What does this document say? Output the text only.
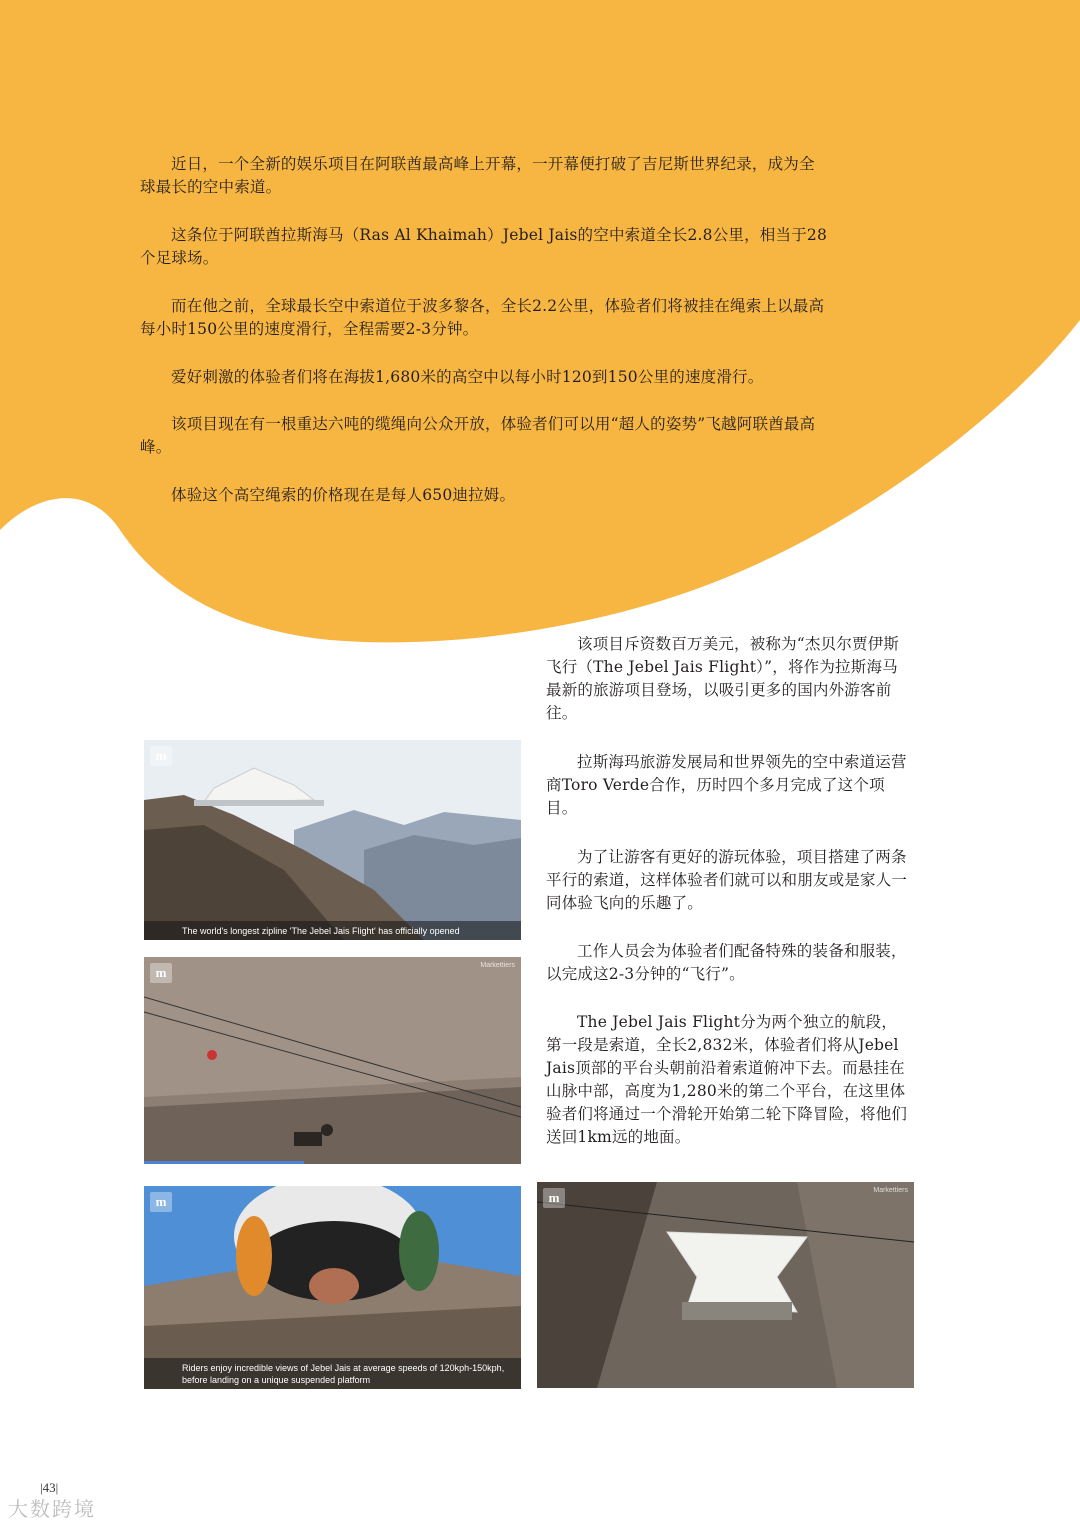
近日，一个全新的娱乐项目在阿联酋最高峰上开幕，一开幕便打破了吉尼斯世界纪录，成为全球最长的空中索道。

这条位于阿联酋拉斯海马（Ras Al Khaimah）Jebel Jais的空中索道全长2.8公里，相当于28个足球场。

而在他之前，全球最长空中索道位于波多黎各，全长2.2公里，体验者们将被挂在绳索上以最高每小时150公里的速度滑行，全程需要2-3分钟。

爱好刺激的体验者们将在海拔1,680米的高空中以每小时120到150公里的速度滑行。

该项目现在有一根重达六吨的缆绳向公众开放，体验者们可以用“超人的姿势”飞越阿联酋最高峰。

体验这个高空绳索的价格现在是每人650迪拉姆。

该项目斥资数百万美元，被称为“杰贝尔贾伊斯飞行（The Jebel Jais Flight）”，将作为拉斯海马最新的旅游项目登场，以吸引更多的国内外游客前往。

拉斯海玛旅游发展局和世界领先的空中索道运营商Toro Verde合作，历时四个多月完成了这个项目。

为了让游客有更好的游玩体验，项目搭建了两条平行的索道，这样体验者们就可以和朋友或是家人一同体验飞向的乐趣了。

工作人员会为体验者们配备特殊的装备和服装，以完成这2-3分钟的“飞行”。

The Jebel Jais Flight分为两个独立的航段，第一段是索道，全长2,832米，体验者们将从Jebel Jais顶部的平台头朝前沿着索道俯冲下去。而悬挂在山脉中部，高度为1,280米的第二个平台，在这里体验者们将通过一个滑轮开始第二轮下降冒险，将他们送回1km远的地面。

m
The world's longest zipline 'The Jebel Jais Flight' has officially opened
m	Markettiers
m
Riders enjoy incredible views of Jebel Jais at average speeds of 120kph-150kph, before landing on a unique suspended platform
m	Markettiers
|43|
大数跨境
